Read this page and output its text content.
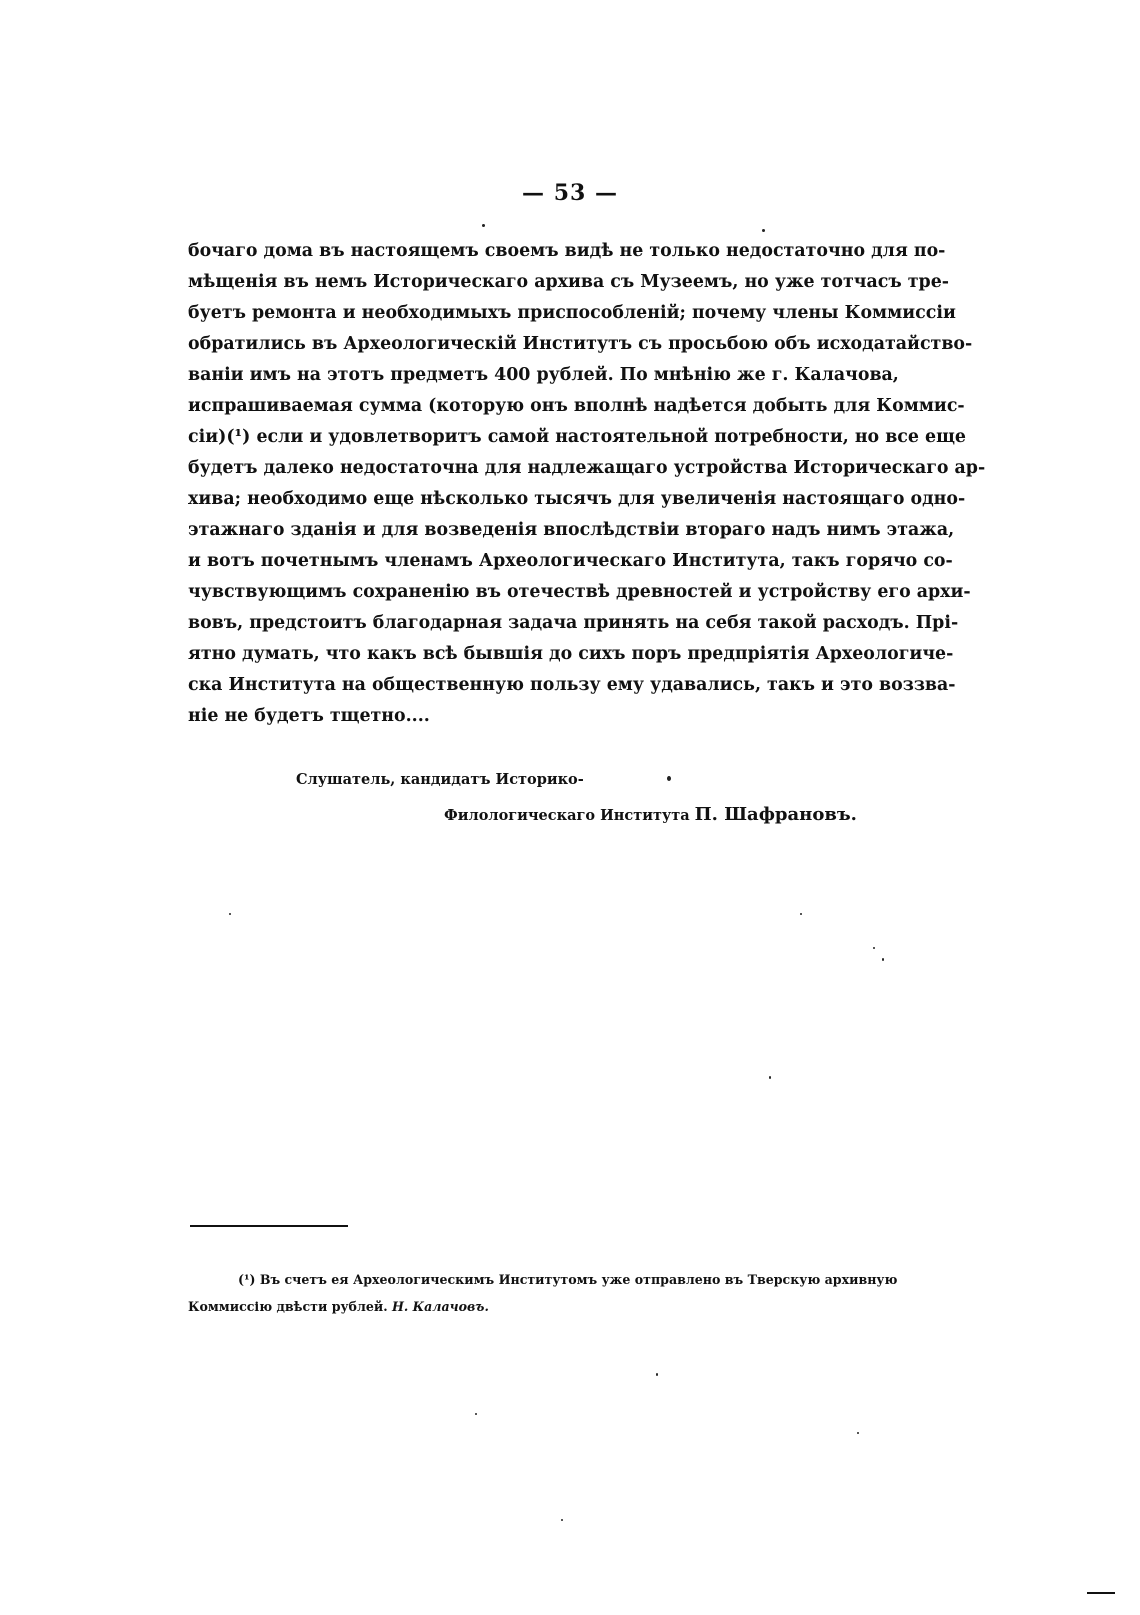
— 53 —
бочаго дома въ настоящемъ своемъ видѣ не только недостаточно для по-
мѣщенія въ немъ Историческаго архива съ Музеемъ, но уже тотчасъ тре-
буетъ ремонта и необходимыхъ приспособленій; почему члены Коммиссіи
обратились въ Археологическій Институтъ съ просьбою объ исходатайство-
ваніи имъ на этотъ предметъ 400 рублей. По мнѣнію же г. Калачова,
испрашиваемая сумма (которую онъ вполнѣ надѣется добыть для Коммис-
сіи)(¹) если и удовлетворитъ самой настоятельной потребности, но все еще
будетъ далеко недостаточна для надлежащаго устройства Историческаго ар-
хива; необходимо еще нѣсколько тысячъ для увеличенія настоящаго одно-
этажнаго зданія и для возведенія впослѣдствіи втораго надъ нимъ этажа,
и вотъ почетнымъ членамъ Археологическаго Института, такъ горячо со-
чувствующимъ сохраненію въ отечествѣ древностей и устройству его архи-
вовъ, предстоитъ благодарная задача принять на себя такой расходъ. Прі-
ятно думать, что какъ всѣ бывшія до сихъ поръ предпріятія Археологиче-
ска Института на общественную пользу ему удавались, такъ и это воззва-
ніе не будетъ тщетно....
Слушатель, кандидатъ Историко-
Филологическаго Института П. Шафрановъ.
(¹) Въ счетъ ея Археологическимъ Институтомъ уже отправлено въ Тверскую архивную
Коммиссію двѣсти рублей. Н. Калачовъ.
